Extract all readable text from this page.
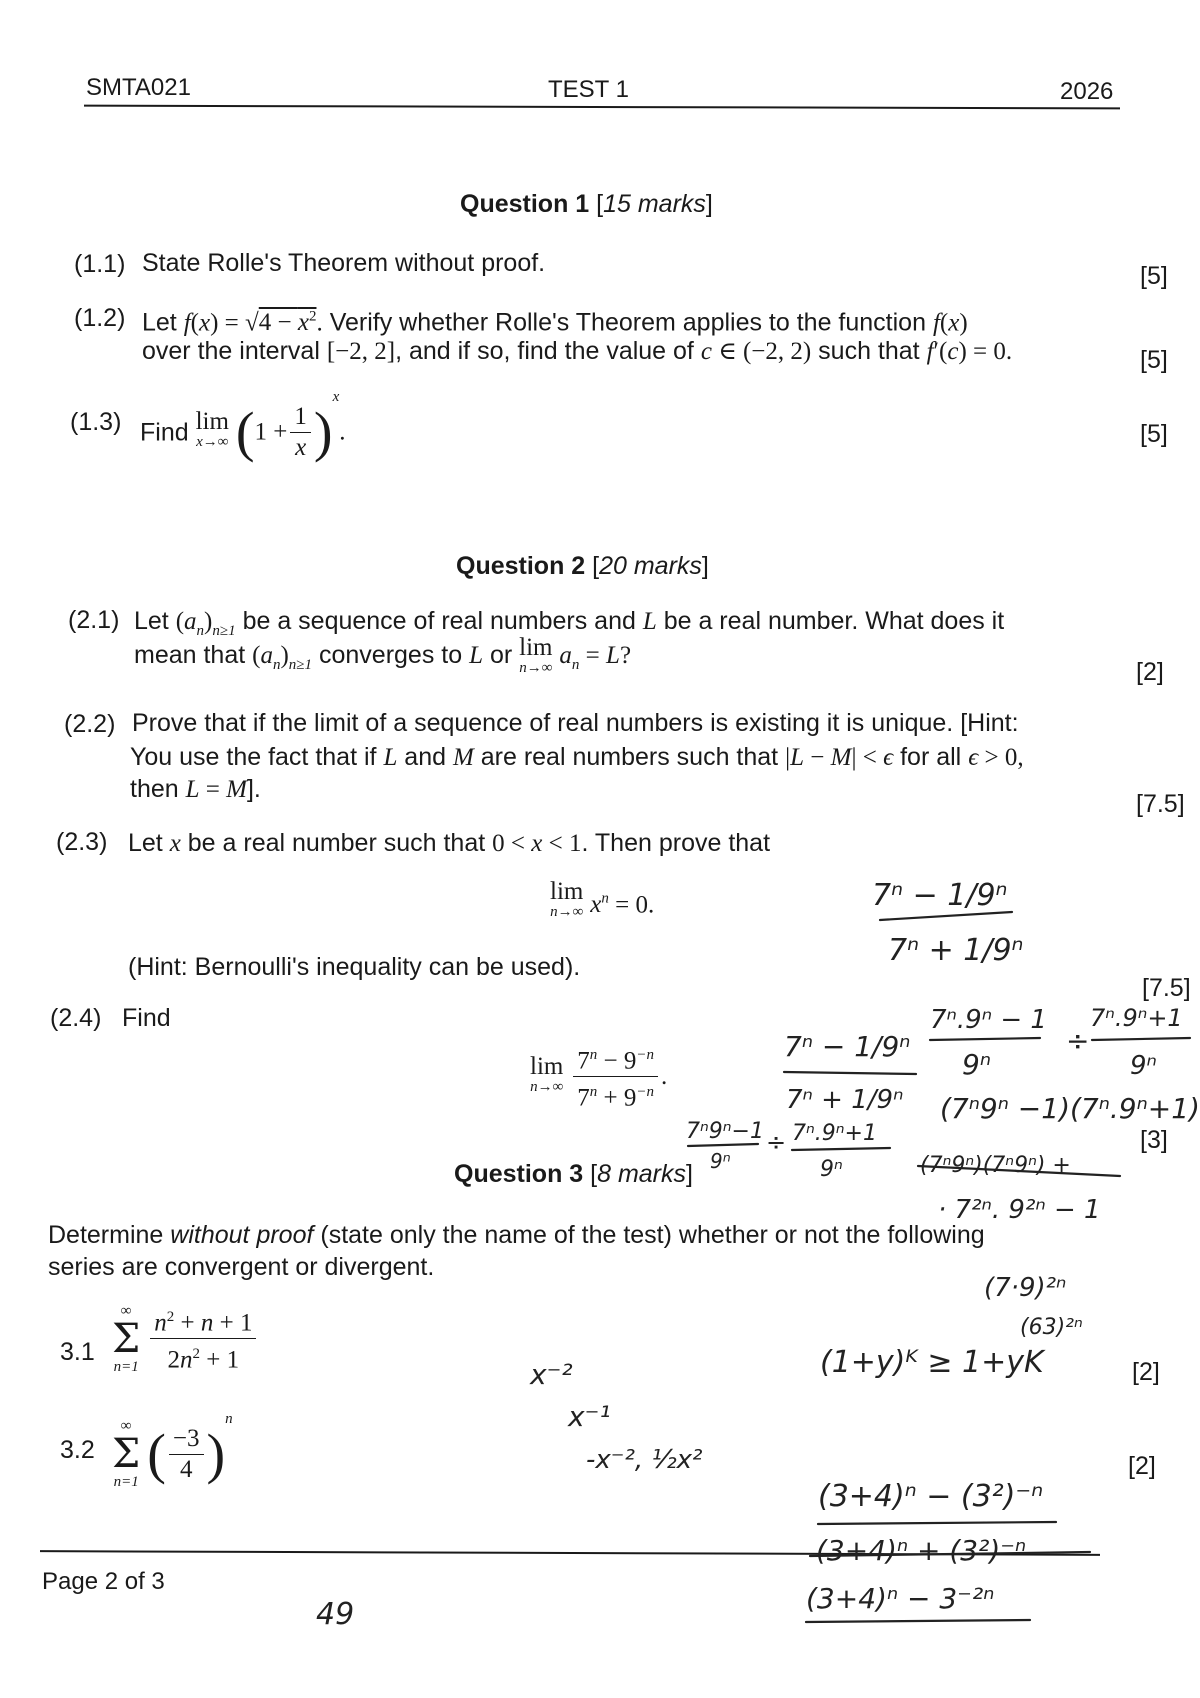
SMTA021	TEST 1	2026
Question 1 [15 marks]
(1.1) State Rolle's Theorem without proof.	[5]
(1.2) Let $f(x) = √4 - x^2$. Verify whether Rolle's Theorem applies to the function f(x)
over the interval [−2, 2], and if so, find the value of c ∈ (−2, 2) such that f′(c) = 0.	[5]
(1.3) Find lim
x→∞ $(1 + \frac{1}{x} )^x$.	[5]
Question 2 [20 marks]
(2.1) Let $(a_n)_{n\ge 1}$ be a sequence of real numbers and L be a real number. What does it
mean that $(a_n)_{n\ge 1}$ converges to L or lim
n→∞ $a_n = L$?
[2]
(2.2) Prove that if the limit of a sequence of real numbers is existing it is unique. [Hint:
You use the fact that if L and M are real numbers such that |L − M| < ϵ for all ϵ > 0,
then L = M].
[7.5]
(2.3) Let x be a real number such that 0 < x < 1. Then prove that
lim
n→∞ $x^n = 0$.
(Hint: Bernoulli's inequality can be used).
[7.5]
(2.4) Find
lim
n→∞
$\frac{7^n - 9^{-n}}{7^n + 9^{-n}}$ .
[3]
Question 3 [8 marks]
Determine without proof (state only the name of the test) whether or not the following
series are convergent or divergent.
3.1
∞
Σ
n=1
$\frac{n^2 + n + 1}{2n^2 + 1}$	[2]
3.2
∞
Σ
n=1 ( $\frac{-3}{4} )^n$
[2]
Page 2 of 3
7ⁿ − 1/9ⁿ
7ⁿ + 1/9ⁿ
7ⁿ − 1/9ⁿ
7ⁿ + 1/9ⁿ
7ⁿ.9ⁿ − 1
9ⁿ
÷
7ⁿ.9ⁿ+1
9ⁿ
(7ⁿ9ⁿ −1)(7ⁿ.9ⁿ+1)
7ⁿ9ⁿ−1
9ⁿ
÷ 7ⁿ.9ⁿ+1
9ⁿ	(7ⁿ9ⁿ)(7ⁿ9ⁿ) +
· 7²ⁿ. 9²ⁿ − 1
(7·9)²ⁿ
(63)²ⁿ
(1+y)ᴷ ≥ 1+yK
x⁻²
x⁻¹
-x⁻², ½x²
(3+4)ⁿ − (3²)⁻ⁿ
(3+4)ⁿ + (3²)⁻ⁿ
(3+4)ⁿ − 3⁻²ⁿ
49
